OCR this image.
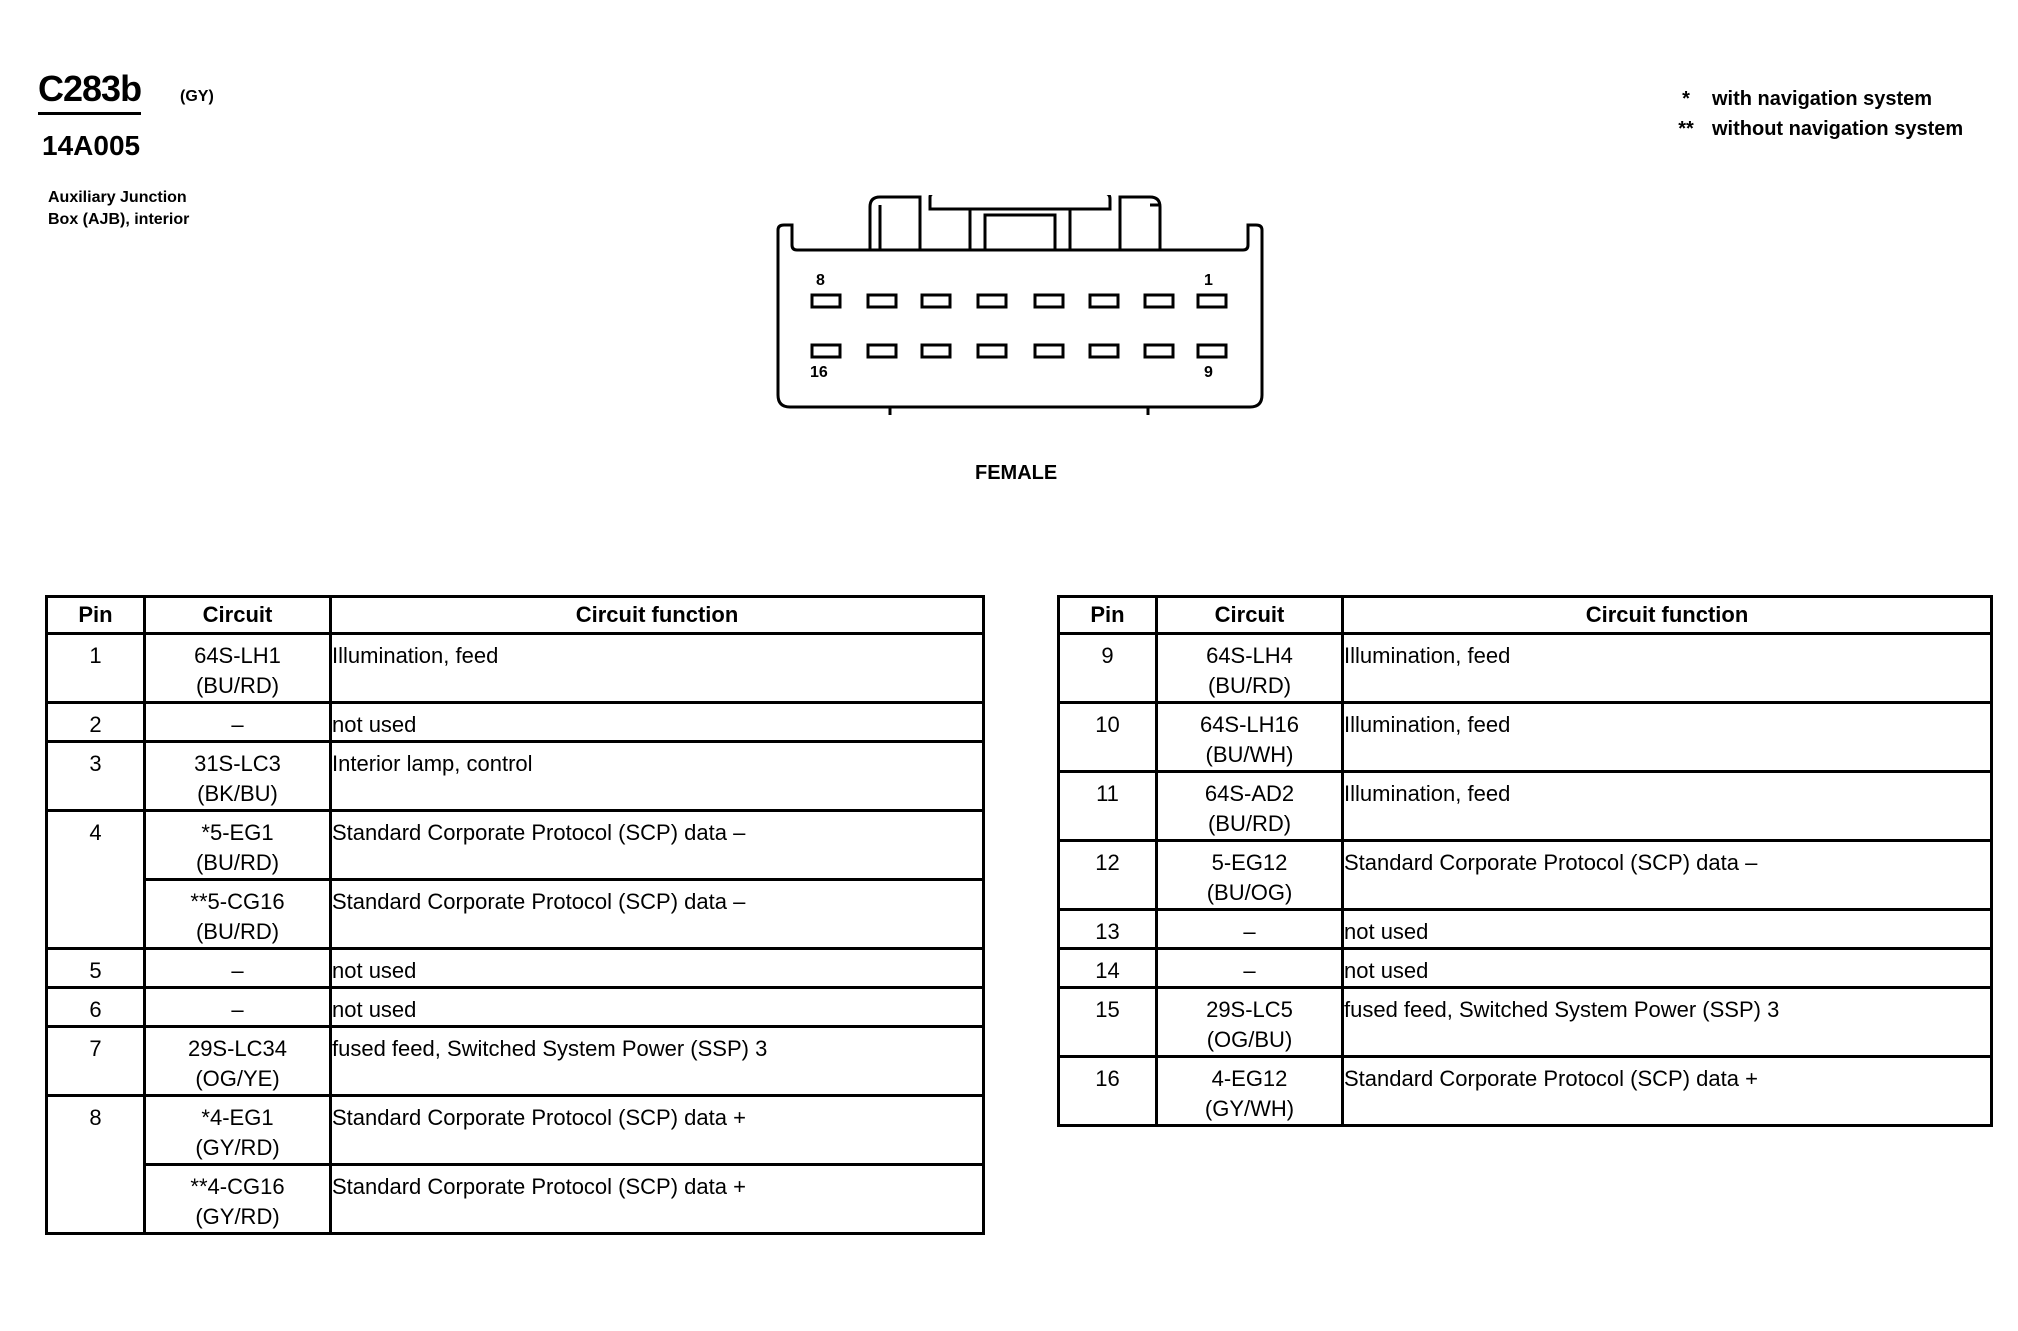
C283b (GY)
14A005
Auxiliary Junction
Box (AJB), interior
*	with navigation system
** without navigation system
8	1
16	9
FEMALE
Pin	Circuit	Circuit function
1	64S-LH1
(BU/RD)	Illumination, feed
2	–	not used
3	31S-LC3
(BK/BU)	Interior lamp, control
4	*5-EG1
(BU/RD)	Standard Corporate Protocol (SCP) data –

	**5-CG16
(BU/RD)	Standard Corporate Protocol (SCP) data –
5	–	not used
6	–	not used
7	29S-LC34
(OG/YE)	fused feed, Switched System Power (SSP) 3
8	*4-EG1
(GY/RD)	Standard Corporate Protocol (SCP) data +

	**4-CG16
(GY/RD)	Standard Corporate Protocol (SCP) data +
Pin	Circuit	Circuit function
9	64S-LH4
(BU/RD)	Illumination, feed
10	64S-LH16
(BU/WH)	Illumination, feed
11	64S-AD2
(BU/RD)	Illumination, feed
12	5-EG12
(BU/OG)	Standard Corporate Protocol (SCP) data –
13	–	not used
14	–	not used
15	29S-LC5
(OG/BU)	fused feed, Switched System Power (SSP) 3
16	4-EG12
(GY/WH)	Standard Corporate Protocol (SCP) data +
